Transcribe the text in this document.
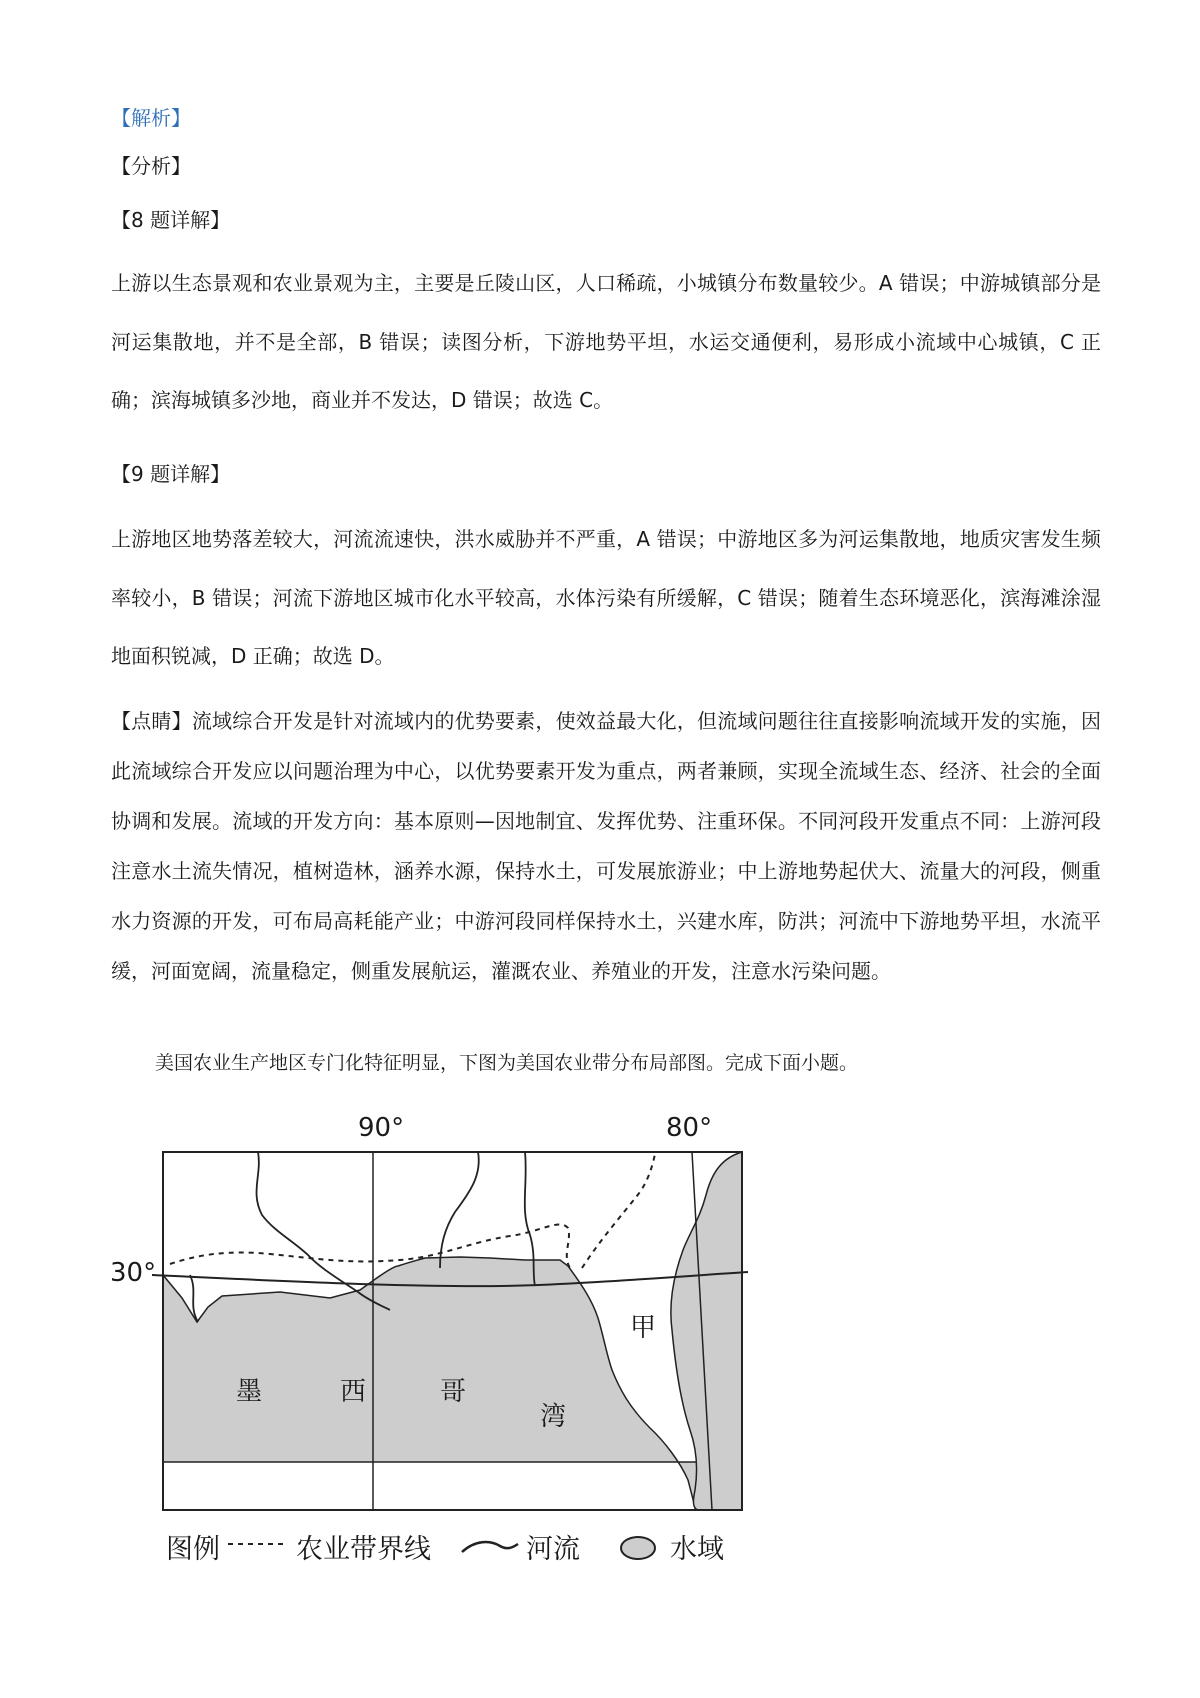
【解析】

【分析】

【8 题详解】

上游以生态景观和农业景观为主，主要是丘陵山区，人口稀疏，小城镇分布数量较少。A 错误；中游城镇部分是河运集散地，并不是全部，B 错误；读图分析，下游地势平坦，水运交通便利，易形成小流域中心城镇，C 正确；滨海城镇多沙地，商业并不发达，D 错误；故选 C。

【9 题详解】

上游地区地势落差较大，河流流速快，洪水威胁并不严重，A 错误；中游地区多为河运集散地，地质灾害发生频率较小，B 错误；河流下游地区城市化水平较高，水体污染有所缓解，C 错误；随着生态环境恶化，滨海滩涂湿地面积锐减，D 正确；故选 D。

【点睛】流域综合开发是针对流域内的优势要素，使效益最大化，但流域问题往往直接影响流域开发的实施，因此流域综合开发应以问题治理为中心，以优势要素开发为重点，两者兼顾，实现全流域生态、经济、社会的全面协调和发展。流域的开发方向：基本原则—因地制宜、发挥优势、注重环保。不同河段开发重点不同：上游河段注意水土流失情况，植树造林，涵养水源，保持水土，可发展旅游业；中上游地势起伏大、流量大的河段，侧重水力资源的开发，可布局高耗能产业；中游河段同样保持水土，兴建水库，防洪；河流中下游地势平坦，水流平缓，河面宽阔，流量稳定，侧重发展航运，灌溉农业、养殖业的开发，注意水污染问题。

美国农业生产地区专门化特征明显，下图为美国农业带分布局部图。完成下面小题。

90°	80°
30°
墨	西	哥
湾
甲
图例	农业带界线	河流	水域
